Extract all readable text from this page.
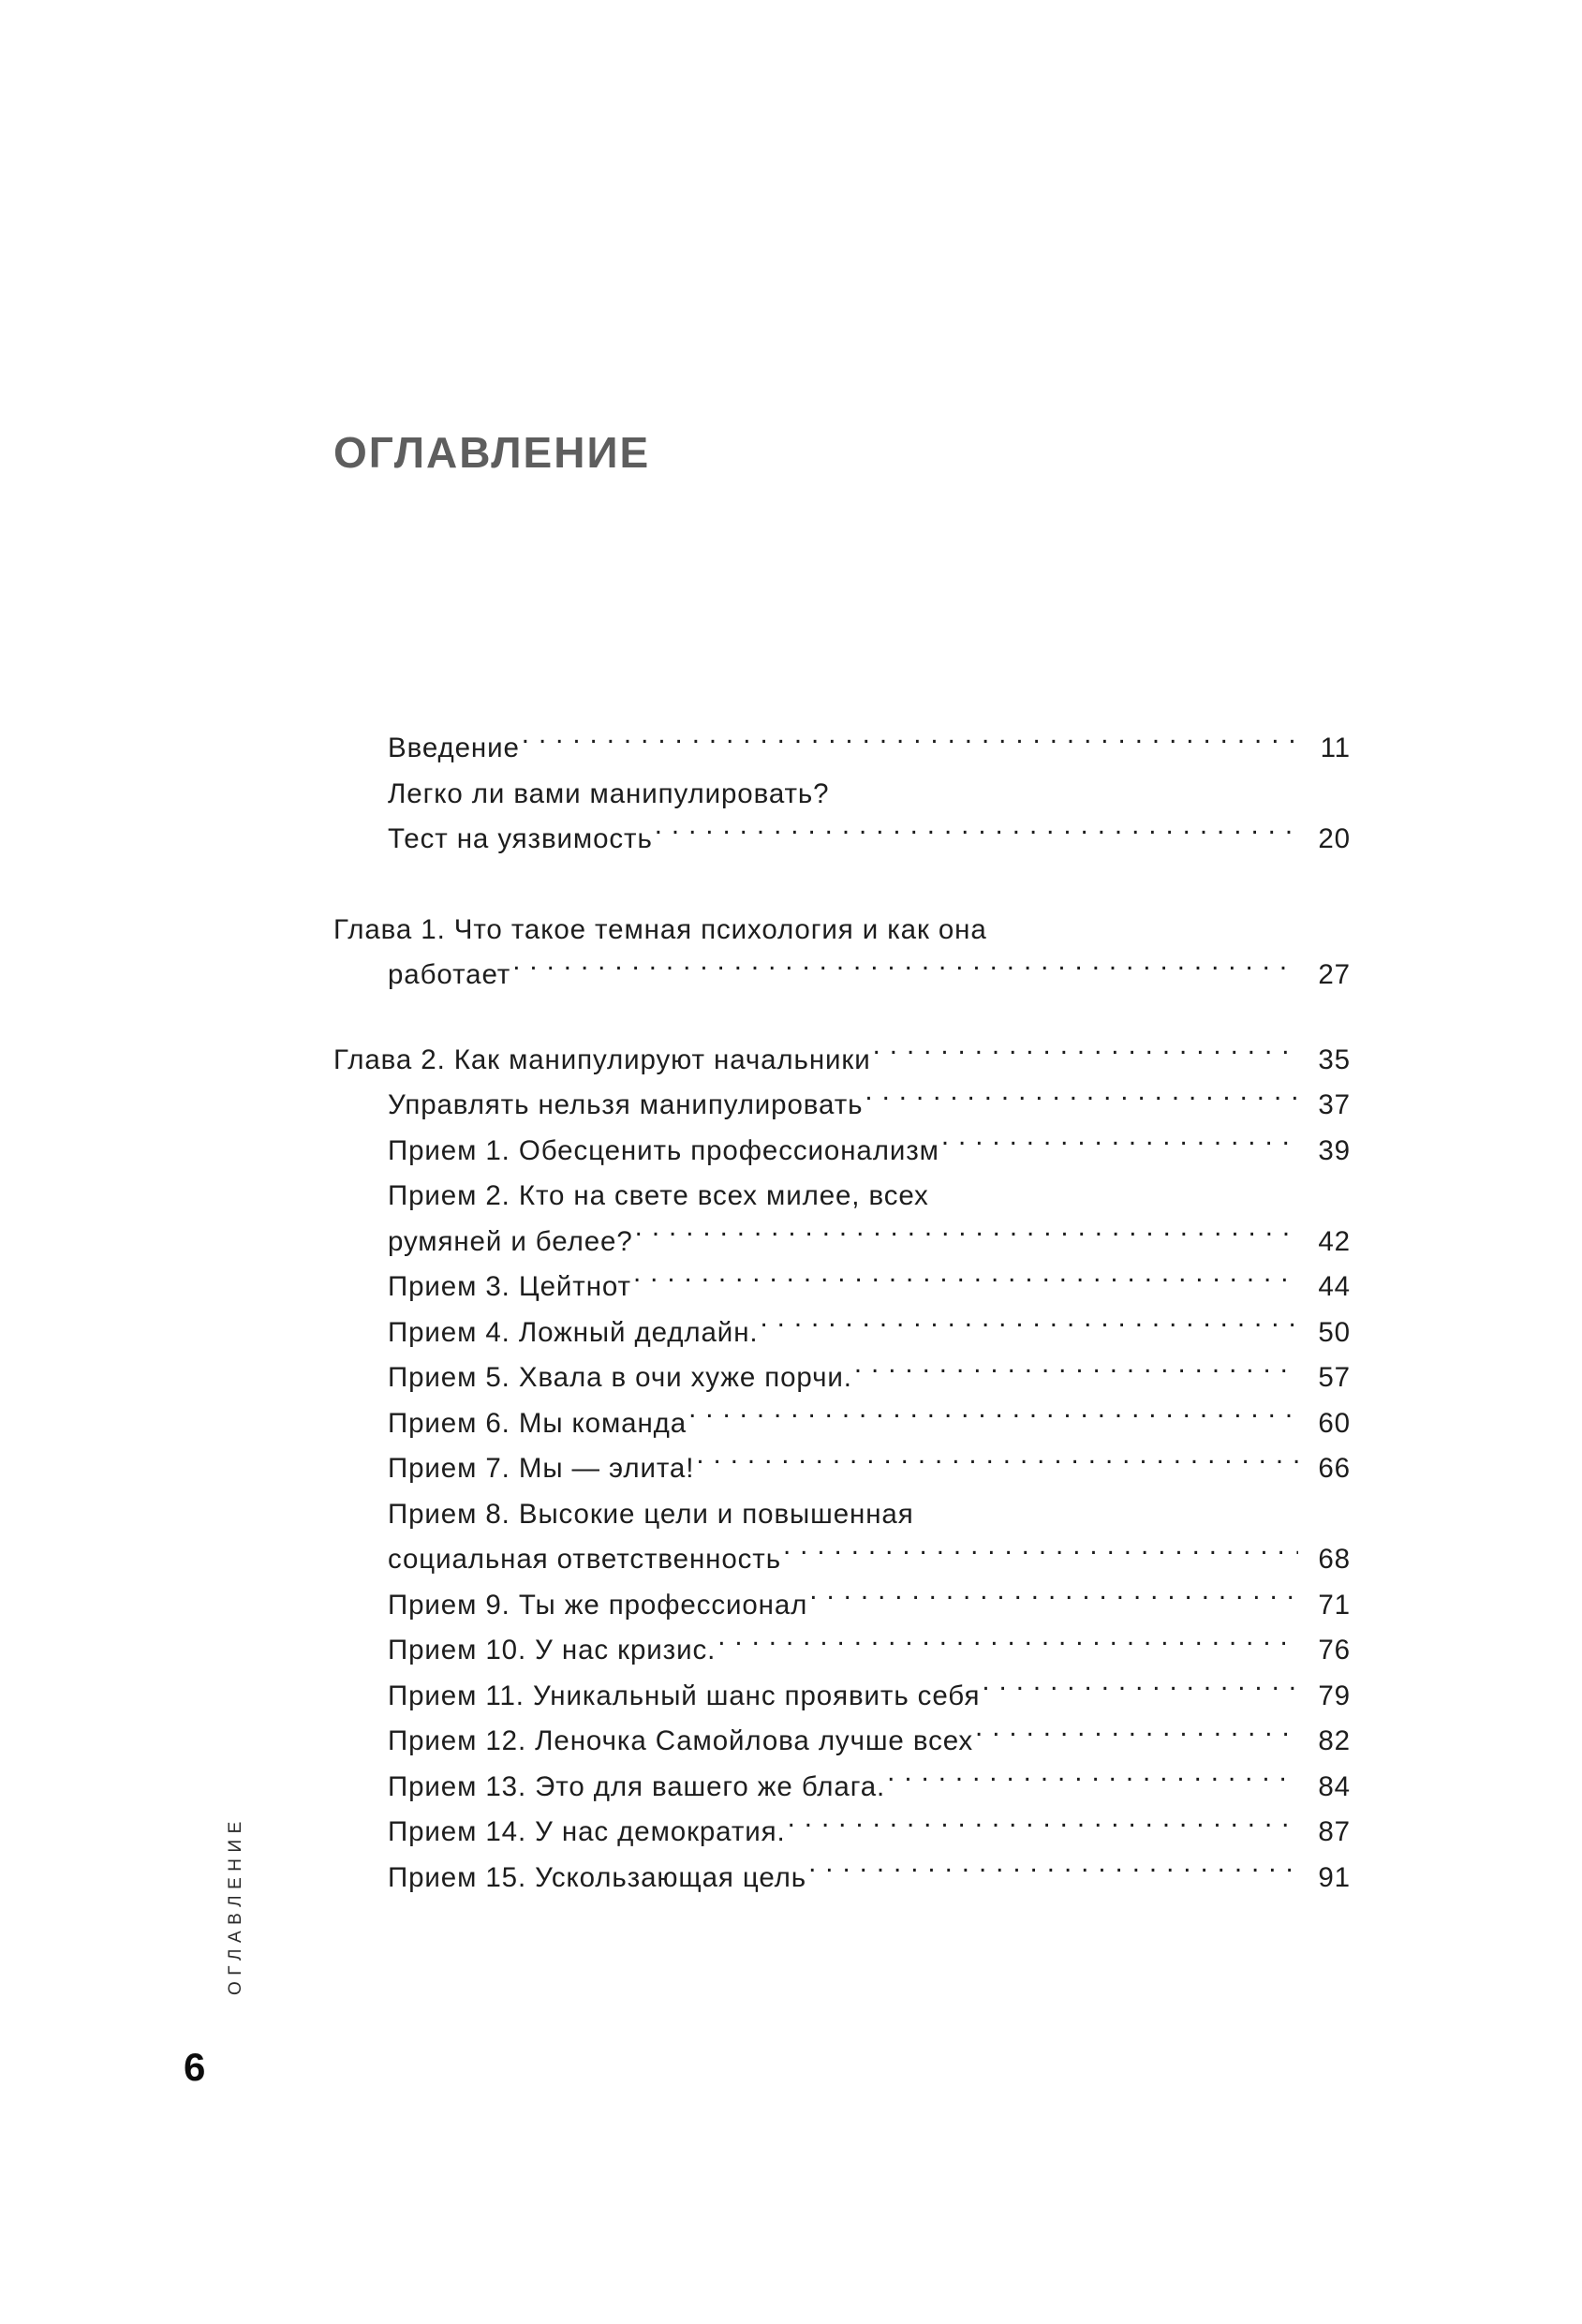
ОГЛАВЛЕНИЕ
ОГЛАВЛЕНИЕ
6
Введение . . .	11
Легко ли вами манипулировать?
Тест на уязвимость . . .	20
Глава 1. Что такое темная психология и как она
работает . . .	27
Глава 2. Как манипулируют начальники . . .	35
Управлять нельзя манипулировать . . .	37
Прием 1. Обесценить профессионализм . . .	39
Прием 2. Кто на свете всех милее, всех
румяней и белее? . . .	42
Прием 3. Цейтнот . . .	44
Прием 4. Ложный дедлайн. . . .	50
Прием 5. Хвала в очи хуже порчи. . . .	57
Прием 6. Мы команда . . .	60
Прием 7. Мы — элита! . . .	66
Прием 8. Высокие цели и повышенная
социальная ответственность . . .	68
Прием 9. Ты же профессионал . . .	71
Прием 10. У нас кризис. . . .	76
Прием 11. Уникальный шанс проявить себя . . .	79
Прием 12. Леночка Самойлова лучше всех . . .	82
Прием 13. Это для вашего же блага. . . .	84
Прием 14. У нас демократия. . . .	87
Прием 15. Ускользающая цель . . .	91
